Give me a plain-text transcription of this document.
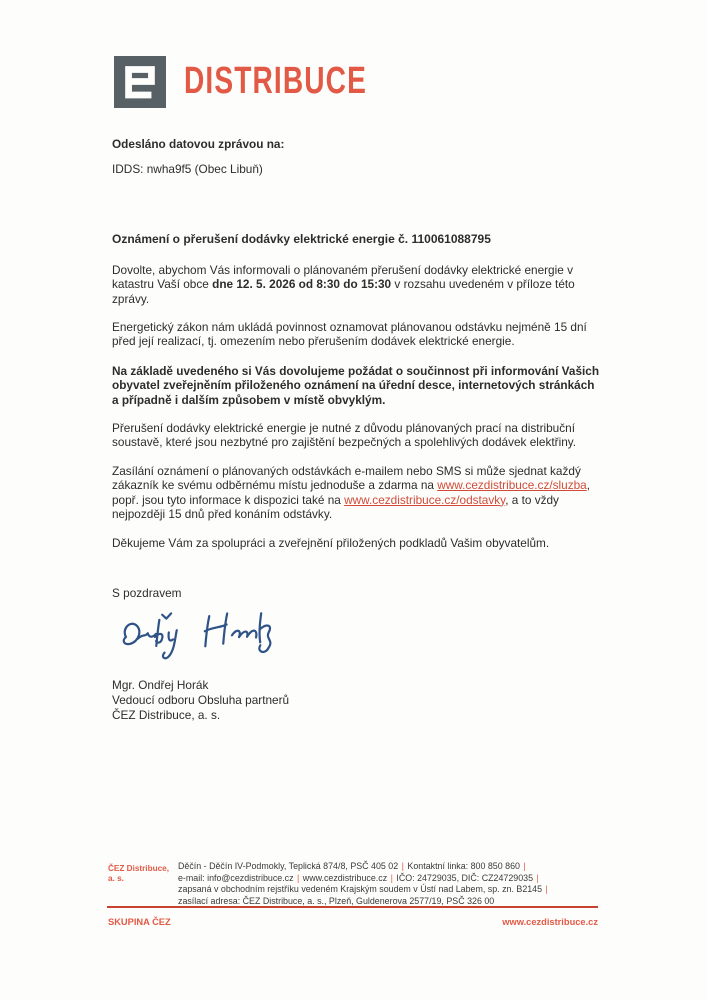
DISTRIBUCE
Odesláno datovou zprávou na:
IDDS: nwha9f5 (Obec Libuň)
Oznámení o přerušení dodávky elektrické energie č. 110061088795
Dovolte, abychom Vás informovali o plánovaném přerušení dodávky elektrické energie v katastru Vaší obce dne 12. 5. 2026 od 8:30 do 15:30 v rozsahu uvedeném v příloze této zprávy.
Energetický zákon nám ukládá povinnost oznamovat plánovanou odstávku nejméně 15 dní před její realizací, tj. omezením nebo přerušením dodávek elektrické energie.
Na základě uvedeného si Vás dovolujeme požádat o součinnost při informování Vašich obyvatel zveřejněním přiloženého oznámení na úřední desce, internetových stránkách a případně i dalším způsobem v místě obvyklým.
Přerušení dodávky elektrické energie je nutné z důvodu plánovaných prací na distribuční soustavě, které jsou nezbytné pro zajištění bezpečných a spolehlivých dodávek elektřiny.
Zasílání oznámení o plánovaných odstávkách e-mailem nebo SMS si může sjednat každý zákazník ke svému odběrnému místu jednoduše a zdarma na www.cezdistribuce.cz/sluzba, popř. jsou tyto informace k dispozici také na www.cezdistribuce.cz/odstavky, a to vždy nejpozději 15 dnů před konáním odstávky.
Děkujeme Vám za spolupráci a zveřejnění přiložených podkladů Vašim obyvatelům.
S pozdravem
Mgr. Ondřej Horák
Vedoucí odboru Obsluha partnerů
ČEZ Distribuce, a. s.
ČEZ Distribuce, a. s.
Děčín - Děčín IV-Podmokly, Teplická 874/8, PSČ 405 02 | Kontaktní linka: 800 850 860 |
e-mail: info@cezdistribuce.cz | www.cezdistribuce.cz | IČO: 24729035, DIČ: CZ24729035 |
zapsaná v obchodním rejstříku vedeném Krajským soudem v Ústí nad Labem, sp. zn. B2145 |
zasílací adresa: ČEZ Distribuce, a. s., Plzeň, Guldenerova 2577/19, PSČ 326 00
SKUPINA ČEZ	www.cezdistribuce.cz
